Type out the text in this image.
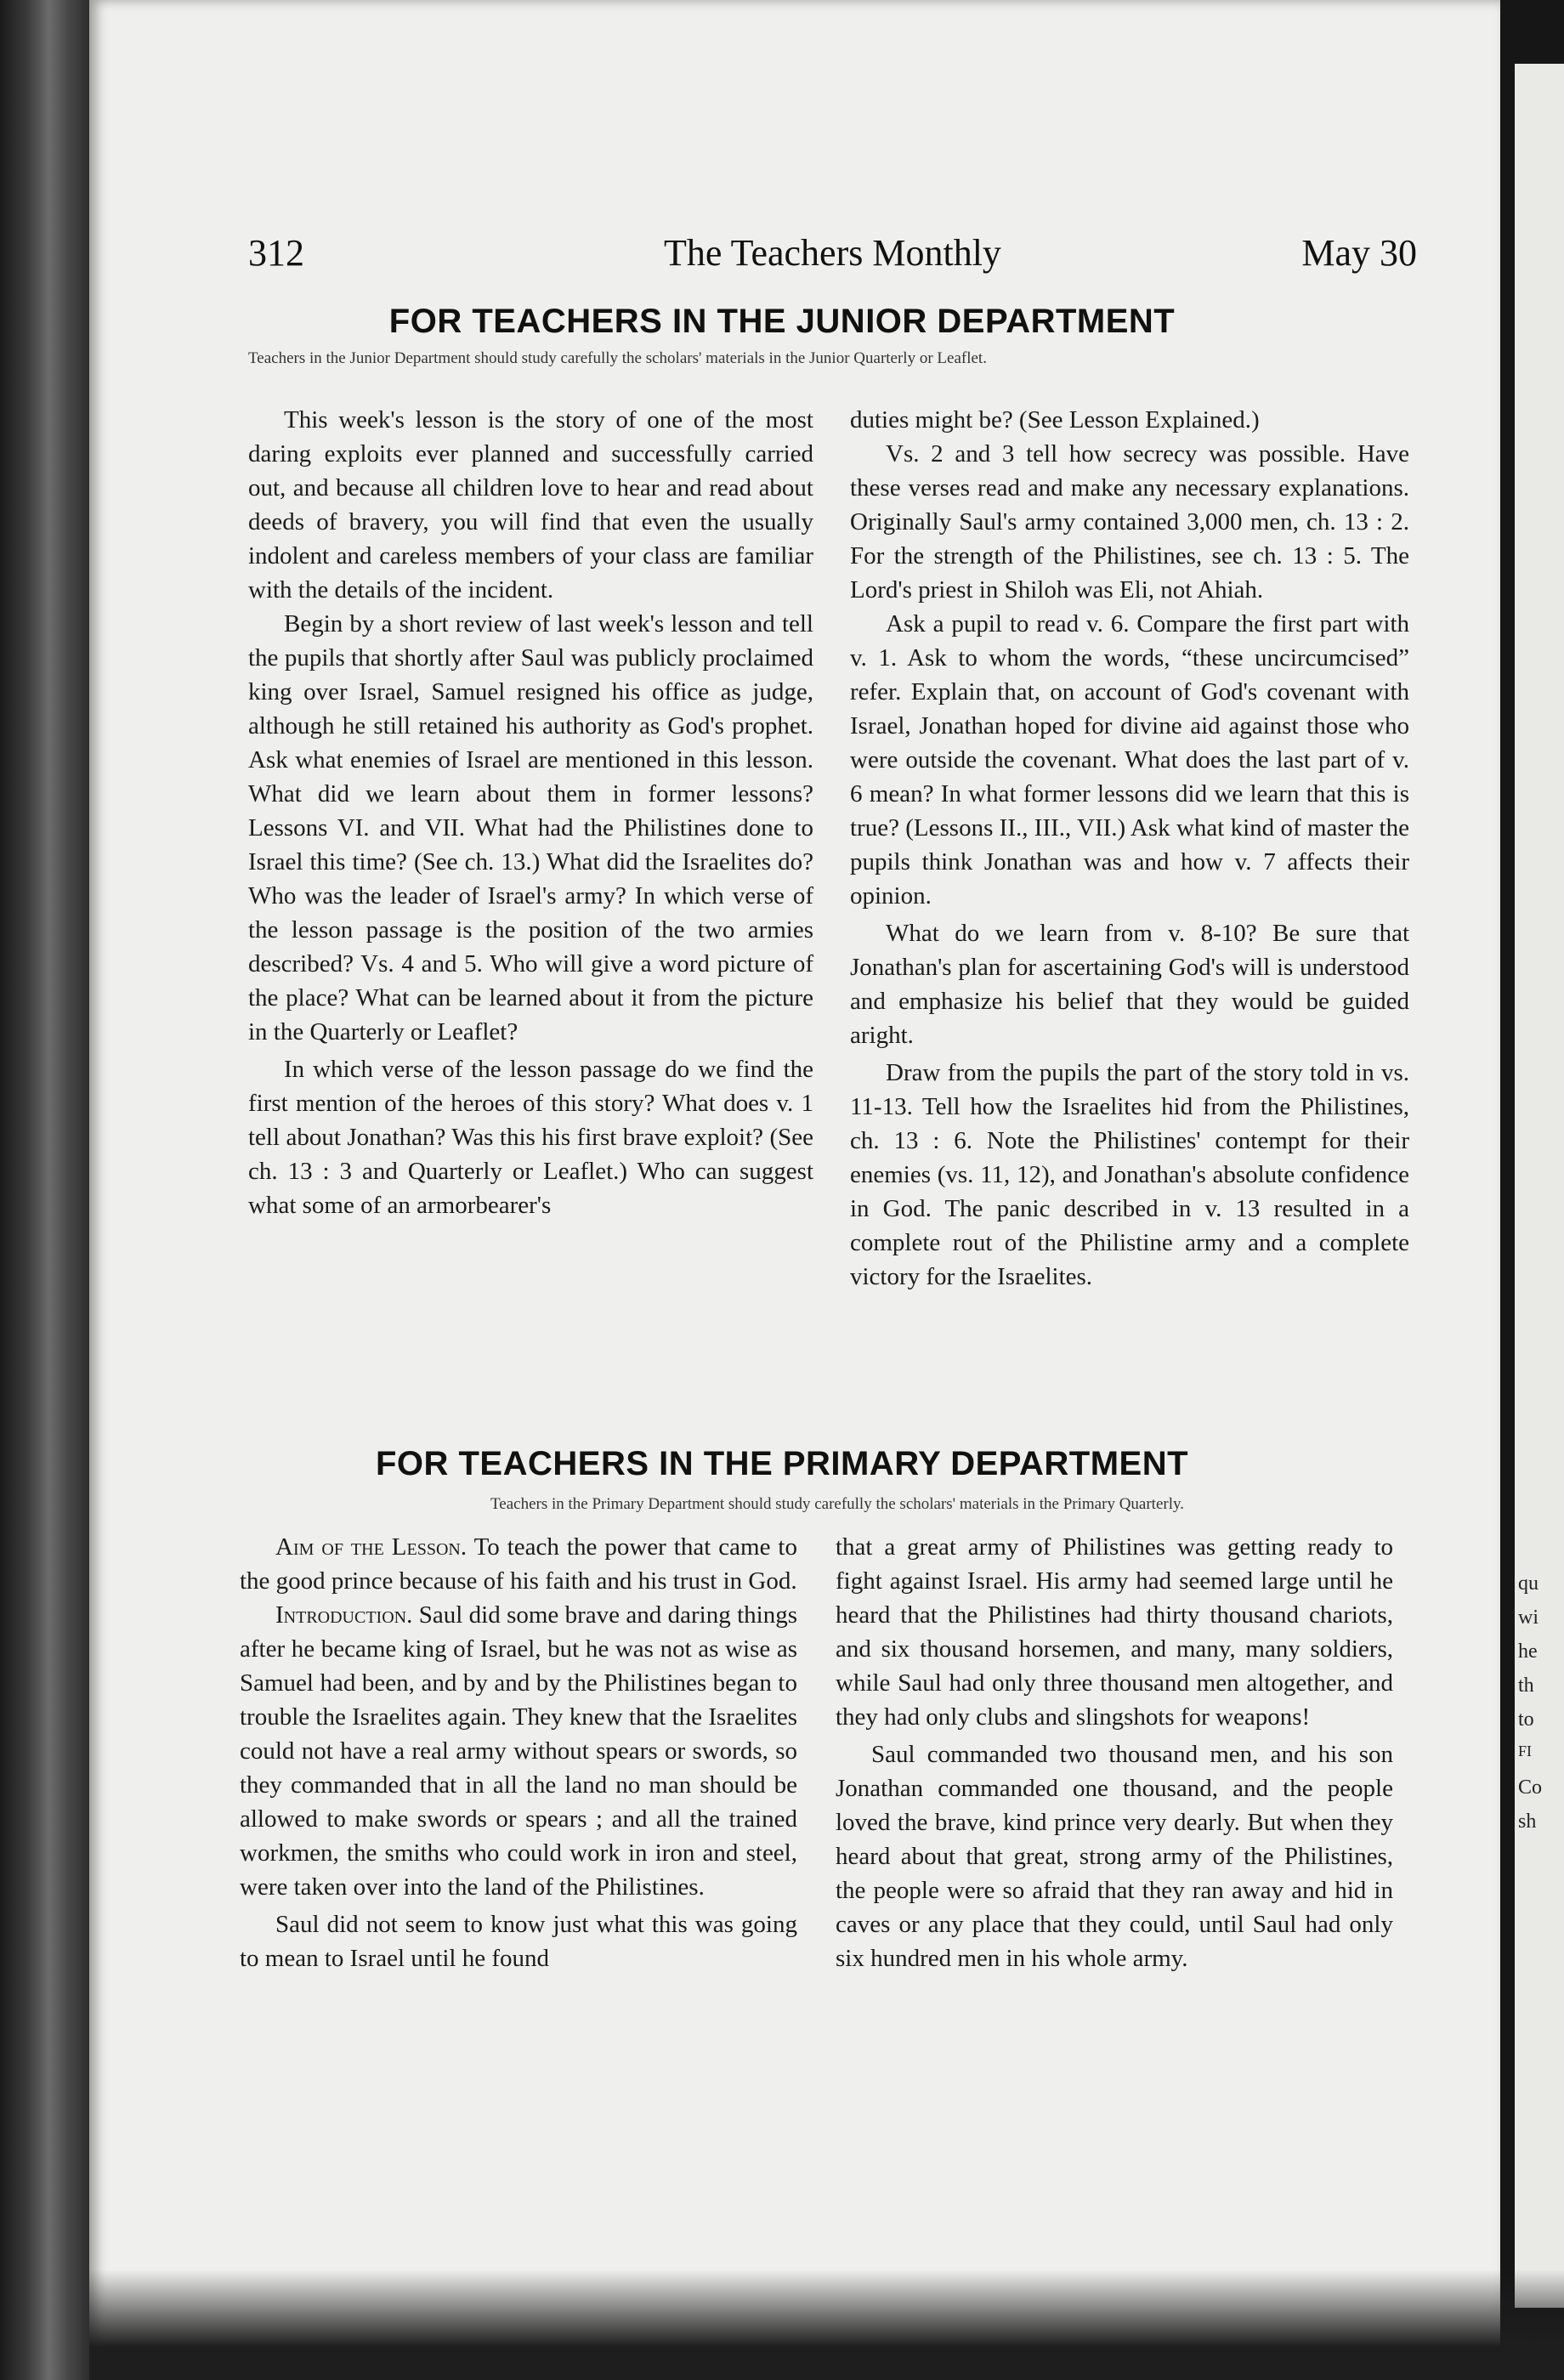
qu
wi
he
th
to
FI
Co
sh
312	The Teachers Monthly	May 30
FOR TEACHERS IN THE JUNIOR DEPARTMENT
Teachers in the Junior Department should study carefully the scholars' materials in the Junior Quarterly or Leaflet.

This week's lesson is the story of one of the most daring exploits ever planned and successfully carried out, and because all children love to hear and read about deeds of bravery, you will find that even the usually indolent and careless members of your class are familiar with the details of the incident.

Begin by a short review of last week's lesson and tell the pupils that shortly after Saul was publicly proclaimed king over Israel, Samuel resigned his office as judge, although he still retained his authority as God's prophet. Ask what enemies of Israel are mentioned in this lesson. What did we learn about them in former lessons? Lessons VI. and VII. What had the Philistines done to Israel this time? (See ch. 13.) What did the Israelites do? Who was the leader of Israel's army? In which verse of the lesson passage is the position of the two armies described? Vs. 4 and 5. Who will give a word picture of the place? What can be learned about it from the picture in the Quarterly or Leaflet?

In which verse of the lesson passage do we find the first mention of the heroes of this story? What does v. 1 tell about Jonathan? Was this his first brave exploit? (See ch. 13 : 3 and Quarterly or Leaflet.) Who can suggest what some of an armorbearer's

duties might be? (See Lesson Explained.)

Vs. 2 and 3 tell how secrecy was possible. Have these verses read and make any necessary explanations. Originally Saul's army contained 3,000 men, ch. 13 : 2. For the strength of the Philistines, see ch. 13 : 5. The Lord's priest in Shiloh was Eli, not Ahiah.

Ask a pupil to read v. 6. Compare the first part with v. 1. Ask to whom the words, “these uncircumcised” refer. Explain that, on account of God's covenant with Israel, Jonathan hoped for divine aid against those who were outside the covenant. What does the last part of v. 6 mean? In what former lessons did we learn that this is true? (Lessons II., III., VII.) Ask what kind of master the pupils think Jonathan was and how v. 7 affects their opinion.

What do we learn from v. 8-10? Be sure that Jonathan's plan for ascertaining God's will is understood and emphasize his belief that they would be guided aright.

Draw from the pupils the part of the story told in vs. 11-13. Tell how the Israelites hid from the Philistines, ch. 13 : 6. Note the Philistines' contempt for their enemies (vs. 11, 12), and Jonathan's absolute confidence in God. The panic described in v. 13 resulted in a complete rout of the Philistine army and a complete victory for the Israelites.

FOR TEACHERS IN THE PRIMARY DEPARTMENT
Teachers in the Primary Department should study carefully the scholars' materials in the Primary Quarterly.

Aim of the Lesson. To teach the power that came to the good prince because of his faith and his trust in God.

Introduction. Saul did some brave and daring things after he became king of Israel, but he was not as wise as Samuel had been, and by and by the Philistines began to trouble the Israelites again. They knew that the Israelites could not have a real army without spears or swords, so they commanded that in all the land no man should be allowed to make swords or spears ; and all the trained workmen, the smiths who could work in iron and steel, were taken over into the land of the Philistines.

Saul did not seem to know just what this was going to mean to Israel until he found

that a great army of Philistines was getting ready to fight against Israel. His army had seemed large until he heard that the Philistines had thirty thousand chariots, and six thousand horsemen, and many, many soldiers, while Saul had only three thousand men altogether, and they had only clubs and slingshots for weapons!

Saul commanded two thousand men, and his son Jonathan commanded one thousand, and the people loved the brave, kind prince very dearly. But when they heard about that great, strong army of the Philistines, the people were so afraid that they ran away and hid in caves or any place that they could, until Saul had only six hundred men in his whole army.
